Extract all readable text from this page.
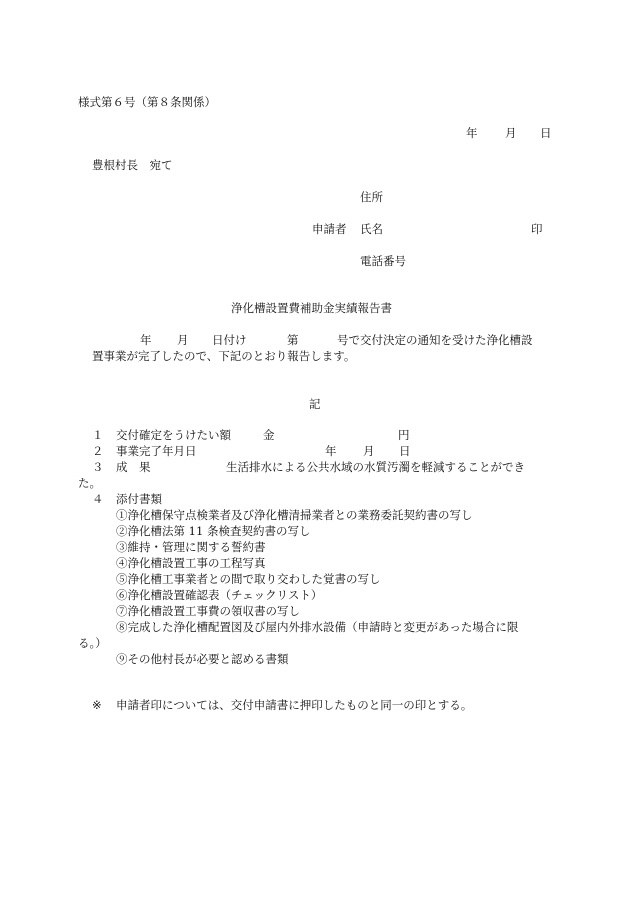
様式第６号（第８条関係）
年 月 日
豊根村長　宛て
住所
申請者 氏名	印
電話番号
浄化槽設置費補助金実績報告書
年 月 日付け	第	号で交付決定の通知を受けた浄化槽設
置事業が完了したので、下記のとおり報告します。
記
１ 交付確定をうけたい額	金	円
２ 事業完了年月日	年 月 日
３ 成　果	生活排水による公共水域の水質汚濁を軽減することができ
た。
４ 添付書類
①浄化槽保守点検業者及び浄化槽清掃業者との業務委託契約書の写し
②浄化槽法第 11 条検査契約書の写し
③維持・管理に関する誓約書
④浄化槽設置工事の工程写真
⑤浄化槽工事業者との間で取り交わした覚書の写し
⑥浄化槽設置確認表（チェックリスト）
⑦浄化槽設置工事費の領収書の写し
⑧完成した浄化槽配置図及び屋内外排水設備（申請時と変更があった場合に限
る。）
⑨その他村長が必要と認める書類
※ 申請者印については、交付申請書に押印したものと同一の印とする。
